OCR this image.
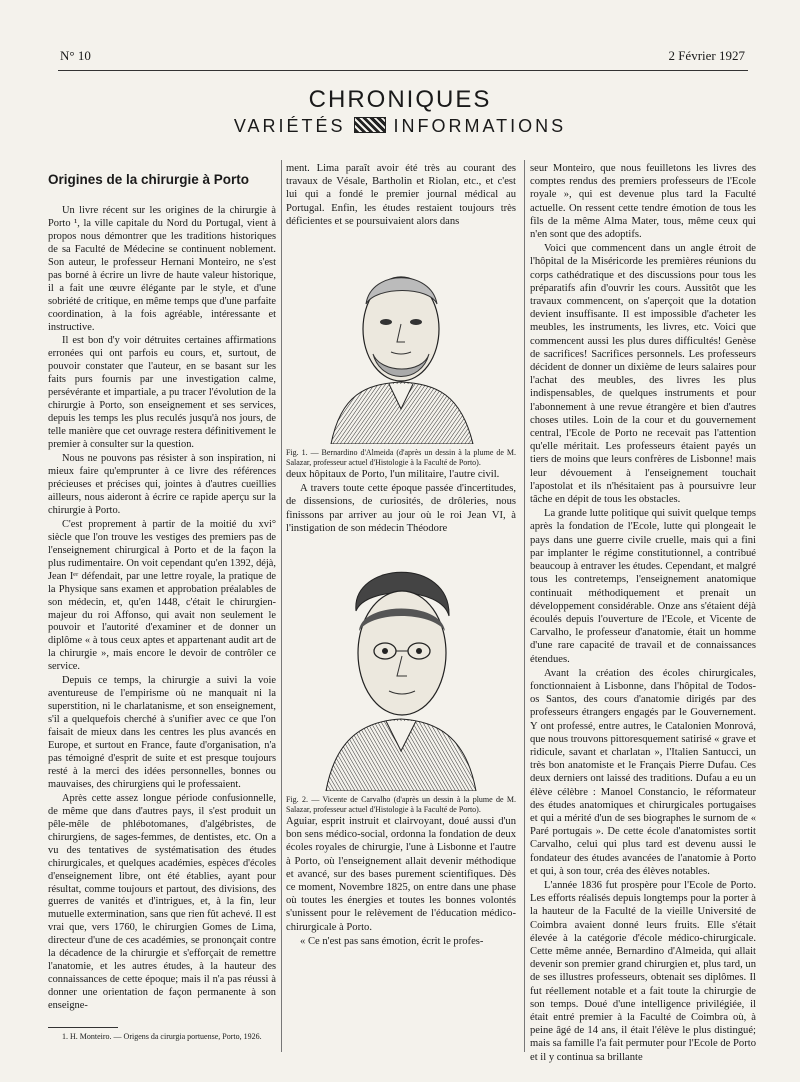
N° 10	2 Février 1927
CHRONIQUES
VARIÉTÉS	INFORMATIONS
Origines de la chirurgie à Porto

Un livre récent sur les origines de la chirurgie à Porto ¹, la ville capitale du Nord du Portugal, vient à propos nous démontrer que les traditions historiques de sa Faculté de Médecine se continuent noblement. Son auteur, le professeur Hernani Monteiro, ne s'est pas borné à écrire un livre de haute valeur historique, il a fait une œuvre élégante par le style, et d'une sobriété de critique, en même temps que d'une parfaite coordination, à la fois agréable, intéressante et instructive.

Il est bon d'y voir détruites certaines affirmations erronées qui ont parfois eu cours, et, surtout, de pouvoir constater que l'auteur, en se basant sur les faits purs fournis par une investigation calme, persévérante et impartiale, a pu tracer l'évolution de la chirurgie à Porto, son enseignement et ses services, depuis les temps les plus reculés jusqu'à nos jours, de telle manière que cet ouvrage restera définitivement le premier à consulter sur la question.

Nous ne pouvons pas résister à son inspiration, ni mieux faire qu'emprunter à ce livre des références précieuses et précises qui, jointes à d'autres cueillies ailleurs, nous aideront à écrire ce rapide aperçu sur la chirurgie à Porto.

C'est proprement à partir de la moitié du xvi° siècle que l'on trouve les vestiges des premiers pas de l'enseignement chirurgical à Porto et de la façon la plus rudimentaire. On voit cependant qu'en 1392, déjà, Jean Iᵉʳ défendait, par une lettre royale, la pratique de la Physique sans examen et approbation préalables de son médecin, et, qu'en 1448, c'était le chirurgien-majeur du roi Affonso, qui avait non seulement le pouvoir et l'autorité d'examiner et de donner un diplôme « à tous ceux aptes et appartenant audit art de la chirurgie », mais encore le devoir de contrôler ce service.

Depuis ce temps, la chirurgie a suivi la voie aventureuse de l'empirisme où ne manquait ni la superstition, ni le charlatanisme, et son enseignement, s'il a quelquefois cherché à s'unifier avec ce que l'on faisait de mieux dans les centres les plus avancés en Europe, et surtout en France, faute d'organisation, n'a pas témoigné d'esprit de suite et est presque toujours resté à la merci des idées personnelles, bonnes ou mauvaises, des chirurgiens qui le professaient.

Après cette assez longue période confusionnelle, de même que dans d'autres pays, il s'est produit un pêle-mêle de phlébotomanes, d'algébristes, de chirurgiens, de sages-femmes, de dentistes, etc. On a vu des tentatives de systématisation des études chirurgicales, et quelques académies, espèces d'écoles d'enseignement libre, ont été établies, ayant pour résultat, comme toujours et partout, des divisions, des guerres de vanités et d'intrigues, et, à la fin, leur mutuelle extermination, sans que rien fût achevé. Il est vrai que, vers 1760, le chirurgien Gomes de Lima, directeur d'une de ces académies, se prononçait contre la décadence de la chirurgie et s'efforçait de remettre l'anatomie, et les autres études, à la hauteur des connaissances de cette époque; mais il n'a pas réussi à donner une orientation de façon permanente à son enseigne-

1. H. Monteiro. — Origens da cirurgia portuense, Porto, 1926.

ment. Lima paraît avoir été très au courant des travaux de Vésale, Bartholin et Riolan, etc., et c'est lui qui a fondé le premier journal médical au Portugal. Enfin, les études restaient toujours très déficientes et se poursuivaient alors dans

Fig. 1. — Bernardino d'Almeida (d'après un dessin à la plume de M. Salazar, professeur actuel d'Histologie à la Faculté de Porto).

deux hôpitaux de Porto, l'un militaire, l'autre civil.

A travers toute cette époque passée d'incertitudes, de dissensions, de curiosités, de drôleries, nous finissons par arriver au jour où le roi Jean VI, à l'instigation de son médecin Théodore

Fig. 2. — Vicente de Carvalho (d'après un dessin à la plume de M. Salazar, professeur actuel d'Histologie à la Faculté de Porto).

Aguiar, esprit instruit et clairvoyant, doué aussi d'un bon sens médico-social, ordonna la fondation de deux écoles royales de chirurgie, l'une à Lisbonne et l'autre à Porto, où l'enseignement allait devenir méthodique et avancé, sur des bases purement scientifiques. Dès ce moment, Novembre 1825, on entre dans une phase où toutes les énergies et toutes les bonnes volontés s'unissent pour le relèvement de l'éducation médico-chirurgicale à Porto.

« Ce n'est pas sans émotion, écrit le profes-

seur Monteiro, que nous feuilletons les livres des comptes rendus des premiers professeurs de l'Ecole royale », qui est devenue plus tard la Faculté actuelle. On ressent cette tendre émotion de tous les fils de la même Alma Mater, tous, même ceux qui n'en sont que des adoptifs.

Voici que commencent dans un angle étroit de l'hôpital de la Miséricorde les premières réunions du corps cathédratique et des discussions pour tous les préparatifs afin d'ouvrir les cours. Aussitôt que les travaux commencent, on s'aperçoit que la dotation devient insuffisante. Il est impossible d'acheter les meubles, les instruments, les livres, etc. Voici que commencent aussi les plus dures difficultés! Genèse de sacrifices! Sacrifices personnels. Les professeurs décident de donner un dixième de leurs salaires pour l'achat des meubles, des livres les plus indispensables, de quelques instruments et pour l'abonnement à une revue étrangère et bien d'autres choses utiles. Loin de la cour et du gouvernement central, l'Ecole de Porto ne recevait pas l'attention qu'elle méritait. Les professeurs étaient payés un tiers de moins que leurs confrères de Lisbonne! mais leur dévouement à l'enseignement touchait l'apostolat et ils n'hésitaient pas à poursuivre leur tâche en dépit de tous les obstacles.

La grande lutte politique qui suivit quelque temps après la fondation de l'Ecole, lutte qui plongeait le pays dans une guerre civile cruelle, mais qui a fini par implanter le régime constitutionnel, a contribué beaucoup à entraver les études. Cependant, et malgré tous les contretemps, l'enseignement anatomique continuait méthodiquement et prenait un développement considérable. Onze ans s'étaient déjà écoulés depuis l'ouverture de l'Ecole, et Vicente de Carvalho, le professeur d'anatomie, était un homme d'une rare capacité de travail et de connaissances étendues.

Avant la création des écoles chirurgicales, fonctionnaient à Lisbonne, dans l'hôpital de Todos-os Santos, des cours d'anatomie dirigés par des professeurs étrangers engagés par le Gouvernement. Y ont professé, entre autres, le Catalonien Monrová, que nous trouvons pittoresquement satirisé « grave et ridicule, savant et charlatan », l'Italien Santucci, un très bon anatomiste et le Français Pierre Dufau. Ces deux derniers ont laissé des traditions. Dufau a eu un élève célèbre : Manoel Constancio, le réformateur des études anatomiques et chirurgicales portugaises et qui a mérité d'un de ses biographes le surnom de « Paré portugais ». De cette école d'anatomistes sortit Carvalho, celui qui plus tard est devenu aussi le fondateur des études avancées de l'anatomie à Porto et qui, à son tour, créa des élèves notables.

L'année 1836 fut prospère pour l'Ecole de Porto. Les efforts réalisés depuis longtemps pour la porter à la hauteur de la Faculté de la vieille Université de Coimbra avaient donné leurs fruits. Elle s'était élevée à la catégorie d'école médico-chirurgicale. Cette même année, Bernardino d'Almeida, qui allait devenir son premier grand chirurgien et, plus tard, un de ses illustres professeurs, obtenait ses diplômes. Il fut réellement notable et a fait toute la chirurgie de son temps. Doué d'une intelligence privilégiée, il était entré premier à la Faculté de Coimbra où, à peine âgé de 14 ans, il était l'élève le plus distingué; mais sa famille l'a fait permuter pour l'Ecole de Porto et il y continua sa brillante
